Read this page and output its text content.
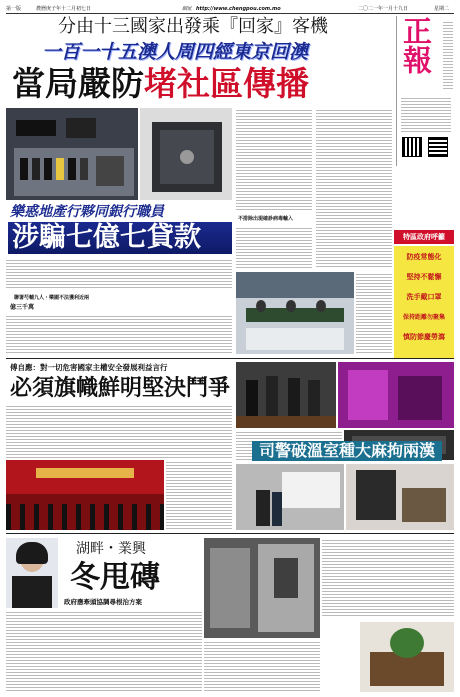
第一版	農曆庚子年十二月初七日	網址 http://www.chengpou.com.mo	二〇二一年一月十九日	星期二
分由十三國家出發乘『回家』客機
一百一十五澳人周四經東京回澳
當局嚴防堵社區傳播
正報
特區政府呼籲
防疫常態化
堅持不鬆懈
洗手戴口罩
保持距離勿聚集
慎防節慶勞瀉
樂惑地產行夥同銀行職員
涉騙七億七貸款
聯署芍輔九人・樂圍不法獲利近兩
億三千萬
不排除出現確診病毒輸入
傅自應：對一切危害國家主權安全發展利益言行
必須旗幟鮮明堅決鬥爭
司警破溫室種大麻拘兩漢
湖畔・業興
冬甩磚
政府應牽頭協調尋根治方案
